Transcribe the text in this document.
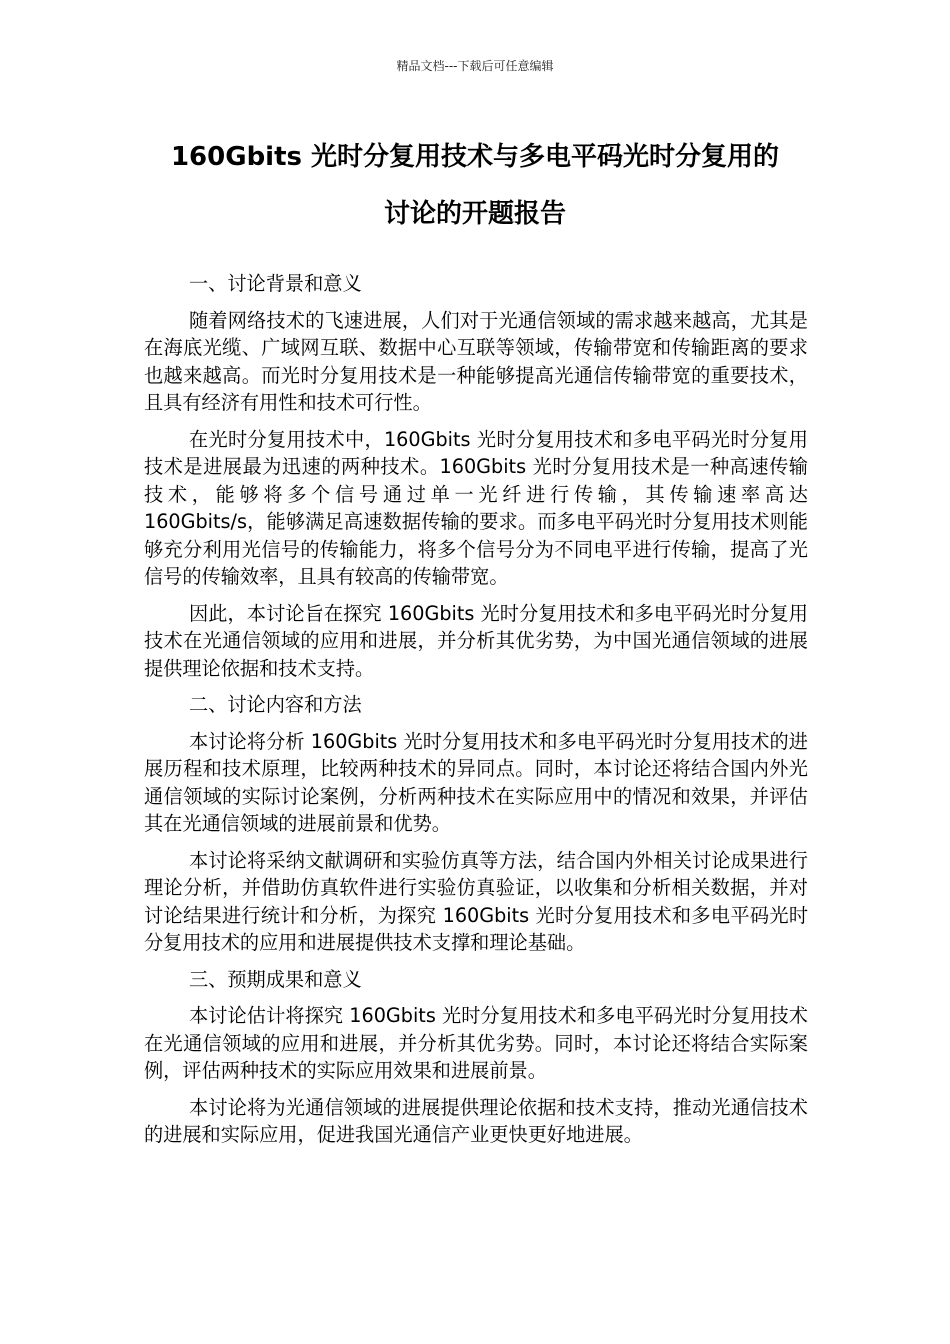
精品文档---下载后可任意编辑
160Gbits 光时分复用技术与多电平码光时分复用的
讨论的开题报告

一、讨论背景和意义

随着网络技术的飞速进展，人们对于光通信领域的需求越来越高，尤其是在海底光缆、广域网互联、数据中心互联等领域，传输带宽和传输距离的要求也越来越高。而光时分复用技术是一种能够提高光通信传输带宽的重要技术，且具有经济有用性和技术可行性。

在光时分复用技术中，160Gbits 光时分复用技术和多电平码光时分复用技术是进展最为迅速的两种技术。160Gbits 光时分复用技术是一种高速传输技术，能够将多个信号通过单一光纤进行传输，其传输速率高达 160Gbits/s，能够满足高速数据传输的要求。而多电平码光时分复用技术则能够充分利用光信号的传输能力，将多个信号分为不同电平进行传输，提高了光信号的传输效率，且具有较高的传输带宽。

因此，本讨论旨在探究 160Gbits 光时分复用技术和多电平码光时分复用技术在光通信领域的应用和进展，并分析其优劣势，为中国光通信领域的进展提供理论依据和技术支持。

二、讨论内容和方法

本讨论将分析 160Gbits 光时分复用技术和多电平码光时分复用技术的进展历程和技术原理，比较两种技术的异同点。同时，本讨论还将结合国内外光通信领域的实际讨论案例，分析两种技术在实际应用中的情况和效果，并评估其在光通信领域的进展前景和优势。

本讨论将采纳文献调研和实验仿真等方法，结合国内外相关讨论成果进行理论分析，并借助仿真软件进行实验仿真验证，以收集和分析相关数据，并对讨论结果进行统计和分析，为探究 160Gbits 光时分复用技术和多电平码光时分复用技术的应用和进展提供技术支撑和理论基础。

三、预期成果和意义

本讨论估计将探究 160Gbits 光时分复用技术和多电平码光时分复用技术在光通信领域的应用和进展，并分析其优劣势。同时，本讨论还将结合实际案例，评估两种技术的实际应用效果和进展前景。

本讨论将为光通信领域的进展提供理论依据和技术支持，推动光通信技术的进展和实际应用，促进我国光通信产业更快更好地进展。
